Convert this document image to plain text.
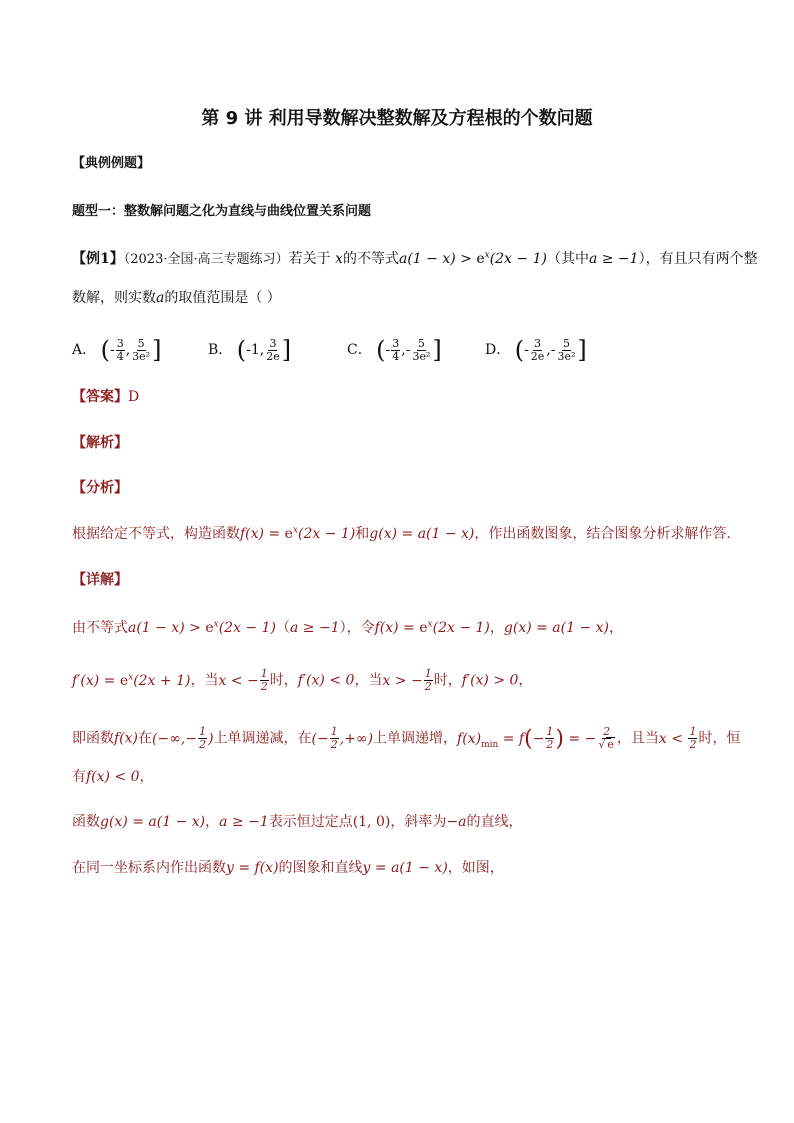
第 9 讲 利用导数解决整数解及方程根的个数问题
【典例例题】
题型一：整数解问题之化为直线与曲线位置关系问题
【例1】（2023·全国·高三专题练习）若关于 x的不等式$a(1 - x) > e^x(2x - 1)$（其中a ≥ −1），有且只有两个整
数解，则实数a的取值范围是（ ）
A． (- $\frac{3}{4}$ , $\frac{5}{\text{3e²}}$ ]	B． (-1, $\frac{3}{2e}$ ]	C． (- $\frac{3}{4}$ ,- $\frac{5}{\text{3e²}}$ ]	D． (- $\frac{3}{2e}$ ,- $\frac{5}{\text{3e²}}$ ]
【答案】D
【解析】
【分析】
根据给定不等式，构造函数$f(x) = e^x(2x - 1)$和g(x) = a(1 − x)，作出函数图象，结合图象分析求解作答.
【详解】
由不等式$a(1 - x) > e^x(2x - 1)(a \ge -1)$，令$f(x) = e^x(2x - 1)$，g(x) = a(1 − x)，
$f'(x) = e^x(2x + 1)$，当x < − $\frac{1}{2}$ 时，f′(x) < 0，当x > − $\frac{1}{2}$ 时，f′(x) > 0，
即函数f(x)在(−∞,− $\frac{1}{2}$ )上单调递减，在(− $\frac{1}{2}$ ,+∞)上单调递增，$f(x)_{min} = f(- \frac{1}{2}$ ) = − $\frac{2}{√ e}$ ，且当$x < \frac{1}{2}$ 时，恒
有f(x) < 0，
函数g(x) = a(1 − x)，a ≥ −1表示恒过定点(1, 0)，斜率为−a的直线，
在同一坐标系内作出函数y = f(x)的图象和直线y = a(1 − x)，如图，
